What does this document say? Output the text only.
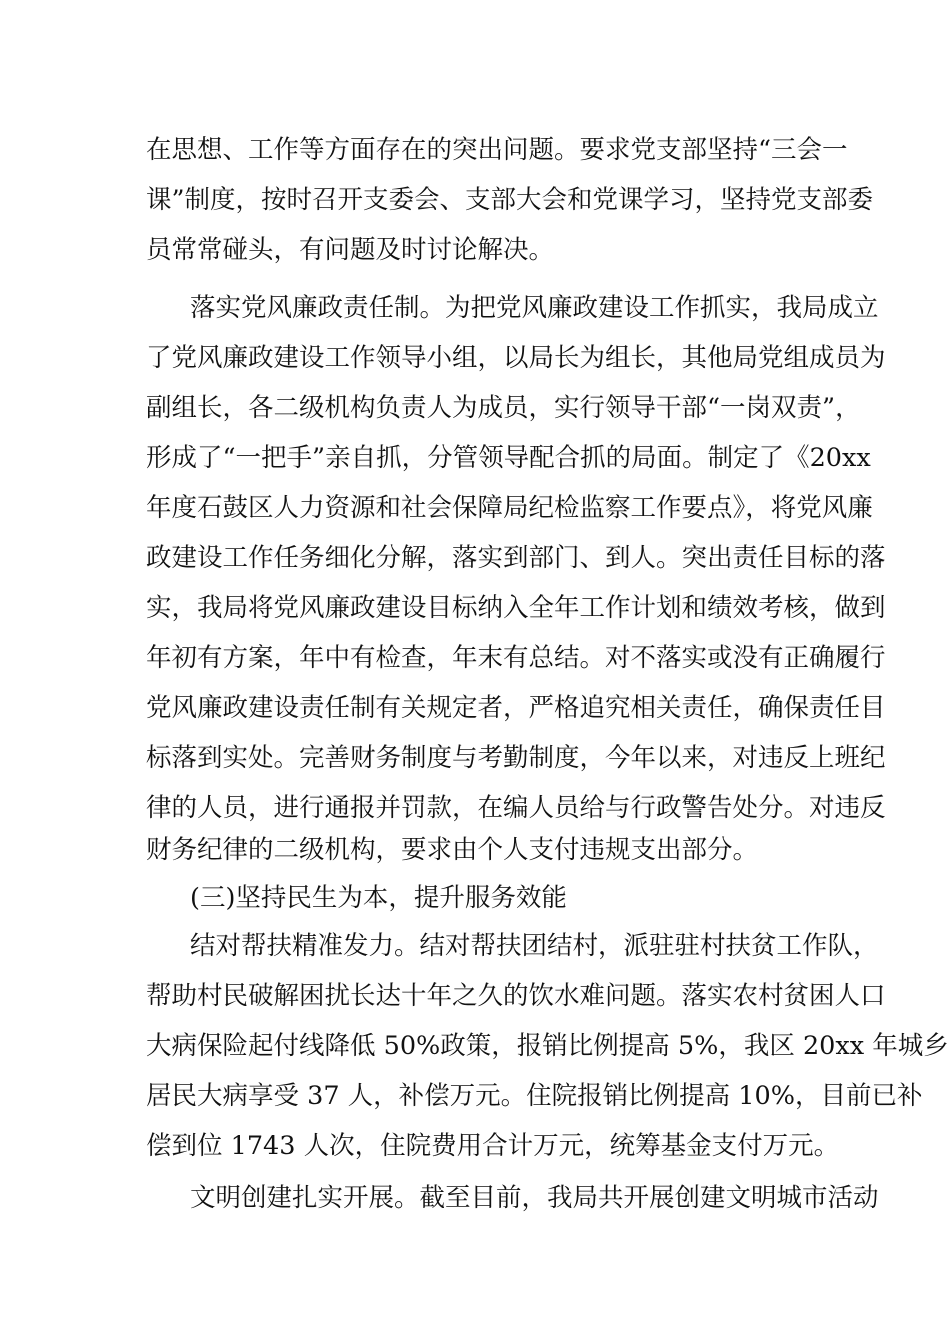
在思想、工作等方面存在的突出问题。要求党支部坚持“三会一
课”制度，按时召开支委会、支部大会和党课学习，坚持党支部委
员常常碰头，有问题及时讨论解决。
落实党风廉政责任制。为把党风廉政建设工作抓实，我局成立
了党风廉政建设工作领导小组，以局长为组长，其他局党组成员为
副组长，各二级机构负责人为成员，实行领导干部“一岗双责”，
形成了“一把手”亲自抓，分管领导配合抓的局面。制定了《20xx
年度石鼓区人力资源和社会保障局纪检监察工作要点》，将党风廉
政建设工作任务细化分解，落实到部门、到人。突出责任目标的落
实，我局将党风廉政建设目标纳入全年工作计划和绩效考核，做到
年初有方案，年中有检查，年末有总结。对不落实或没有正确履行
党风廉政建设责任制有关规定者，严格追究相关责任，确保责任目
标落到实处。完善财务制度与考勤制度，今年以来，对违反上班纪
律的人员，进行通报并罚款，在编人员给与行政警告处分。对违反
财务纪律的二级机构，要求由个人支付违规支出部分。
(三)坚持民生为本，提升服务效能
结对帮扶精准发力。结对帮扶团结村，派驻驻村扶贫工作队，
帮助村民破解困扰长达十年之久的饮水难问题。落实农村贫困人口
大病保险起付线降低 50%政策，报销比例提高 5%，我区 20xx 年城乡
居民大病享受 37 人，补偿万元。住院报销比例提高 10%，目前已补
偿到位 1743 人次，住院费用合计万元，统筹基金支付万元。
文明创建扎实开展。截至目前，我局共开展创建文明城市活动
